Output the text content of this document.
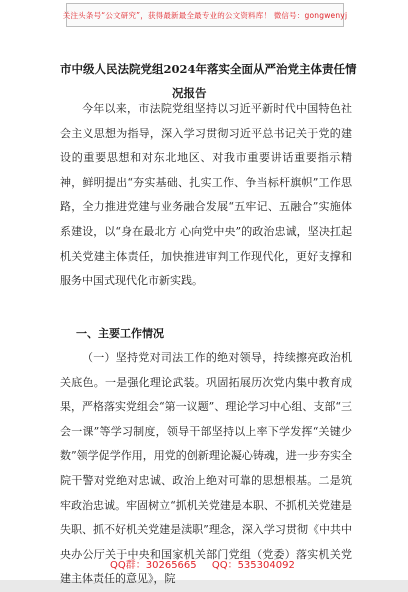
关注头条号“公文研究”，获得最新最全最专业的公文资料库！ 微信号：gongwenyj
市中级人民法院党组2024年落实全面从严治党主体责任情
况报告
今年以来，市法院党组坚持以习近平新时代中国特色社会主义思想为指导，深入学习贯彻习近平总书记关于党的建设的重要思想和对东北地区、对我市重要讲话重要指示精神，鲜明提出“夯实基础、扎实工作、争当标杆旗帜”工作思路，全力推进党建与业务融合发展“五牢记、五融合”实施体系建设，以“身在最北方 心向党中央”的政治忠诚，坚决扛起机关党建主体责任，加快推进审判工作现代化，更好支撑和服务中国式现代化市新实践。
一、主要工作情况
（一）坚持党对司法工作的绝对领导，持续擦亮政治机关底色。一是强化理论武装。巩固拓展历次党内集中教育成果，严格落实党组会“第一议题”、理论学习中心组、支部“三会一课”等学习制度，领导干部坚持以上率下学发挥“关键少数”领学促学作用，用党的创新理论凝心铸魂，进一步夯实全院干警对党绝对忠诚、政治上绝对可靠的思想根基。二是筑牢政治忠诚。牢固树立“抓机关党建是本职、不抓机关党建是失职、抓不好机关党建是渎职”理念，深入学习贯彻《中共中央办公厅关于中央和国家机关部门党组（党委）落实机关党建主体责任的意见》，院
QQ群：30265665 QQ：535304092
